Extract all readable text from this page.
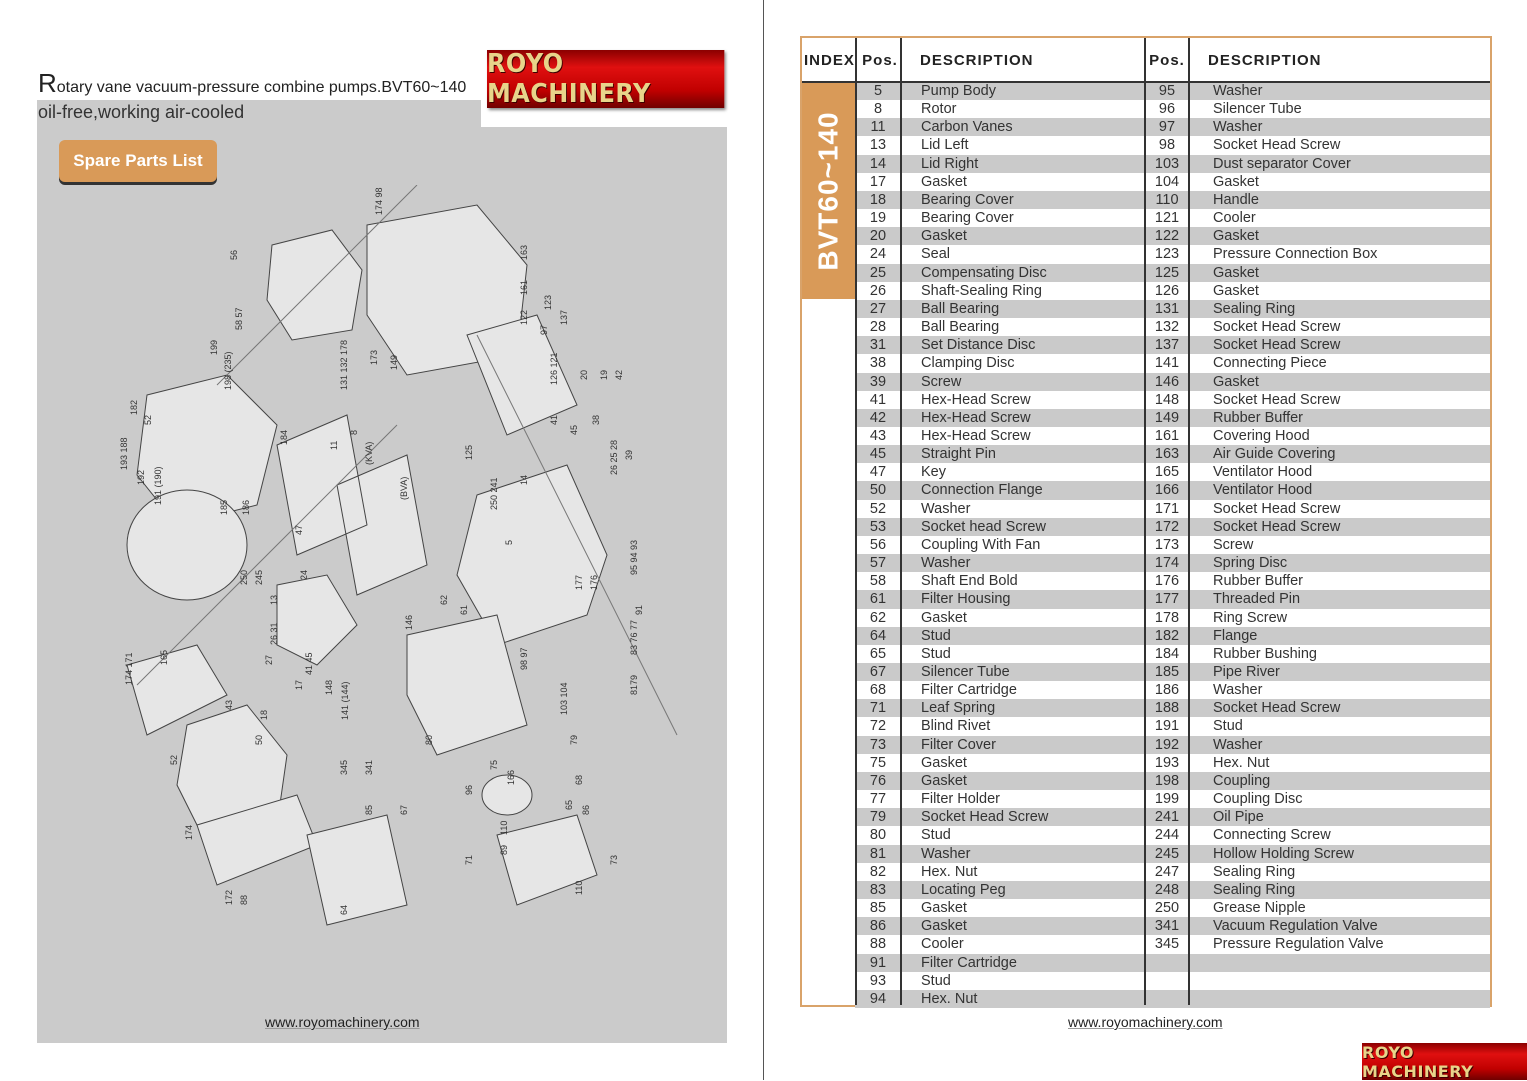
ROYO MACHINERY
Rotary vane vacuum-pressure combine pumps.BVT60~140
oil-free,working air-cooled
Spare Parts List
174 98
163
56
161
123
122
97
137
58 57
199	131 132 178 173 149
198 (235)	126 121 20 19 42
182
52
193 188
192 191 (190)
8
(KVA)
11
184
41
45
38
125	26 25 28 39
185 186	250 241 14
(BVA)
47
24
5
177 176
95 94 93
250 245
13
27
26 31
17
41 45
62
61	91
146
98 97
83 76 77
8179
174 171	165
43
18
148 141 (144)	103 104
79
52
50
345 341
80
96
75
65
68
86
85	67
166
174
172 88
64
71
89
110
73
110
www.royomachinery.com
INDEX Pos. DESCRIPTION	Pos. DESCRIPTION
5	Pump Body	95	Washer
8	Rotor	96	Silencer Tube
11	Carbon Vanes	97	Washer
13	Lid Left	98	Socket Head Screw
14	Lid Right	103	Dust separator Cover
17	Gasket	104	Gasket
18	Bearing Cover	110	Handle
19	Bearing Cover	121	Cooler
20	Gasket	122	Gasket
24	Seal	123	Pressure Connection Box
25	Compensating Disc	125	Gasket
26	Shaft-Sealing Ring	126	Gasket
27	Ball Bearing	131	Sealing Ring
28	Ball Bearing	132	Socket Head Screw
31	Set Distance Disc	137	Socket Head Screw
38	Clamping Disc	141	Connecting Piece
39	Screw	146	Gasket
41	Hex-Head Screw	148	Socket Head Screw
42	Hex-Head Screw	149	Rubber Buffer
43	Hex-Head Screw	161	Covering Hood
45	Straight Pin	163	Air Guide Covering
47	Key	165	Ventilator Hood
50	Connection Flange	166	Ventilator Hood
52	Washer	171	Socket Head Screw
53	Socket head Screw	172	Socket Head Screw
56	Coupling With Fan	173	Screw
57	Washer	174	Spring Disc
58	Shaft End Bold	176	Rubber Buffer
61	Filter Housing	177	Threaded Pin
62	Gasket	178	Ring Screw
64	Stud	182	Flange
65	Stud	184	Rubber Bushing
67	Silencer Tube	185	Pipe River
68	Filter Cartridge	186	Washer
71	Leaf Spring	188	Socket Head Screw
72	Blind Rivet	191	Stud
73	Filter Cover	192	Washer
75	Gasket	193	Hex. Nut
76	Gasket	198	Coupling
77	Filter Holder	199	Coupling Disc
79	Socket Head Screw	241	Oil Pipe
80	Stud	244	Connecting Screw
81	Washer	245	Hollow Holding Screw
82	Hex. Nut	247	Sealing Ring
83	Locating Peg	248	Sealing Ring
85	Gasket	250	Grease Nipple
86	Gasket	341	Vacuum Regulation Valve
88	Cooler	345	Pressure Regulation Valve
91	Filter Cartridge
93	Stud
94	Hex. Nut
BVT60~140
www.royomachinery.com
ROYO MACHINERY
